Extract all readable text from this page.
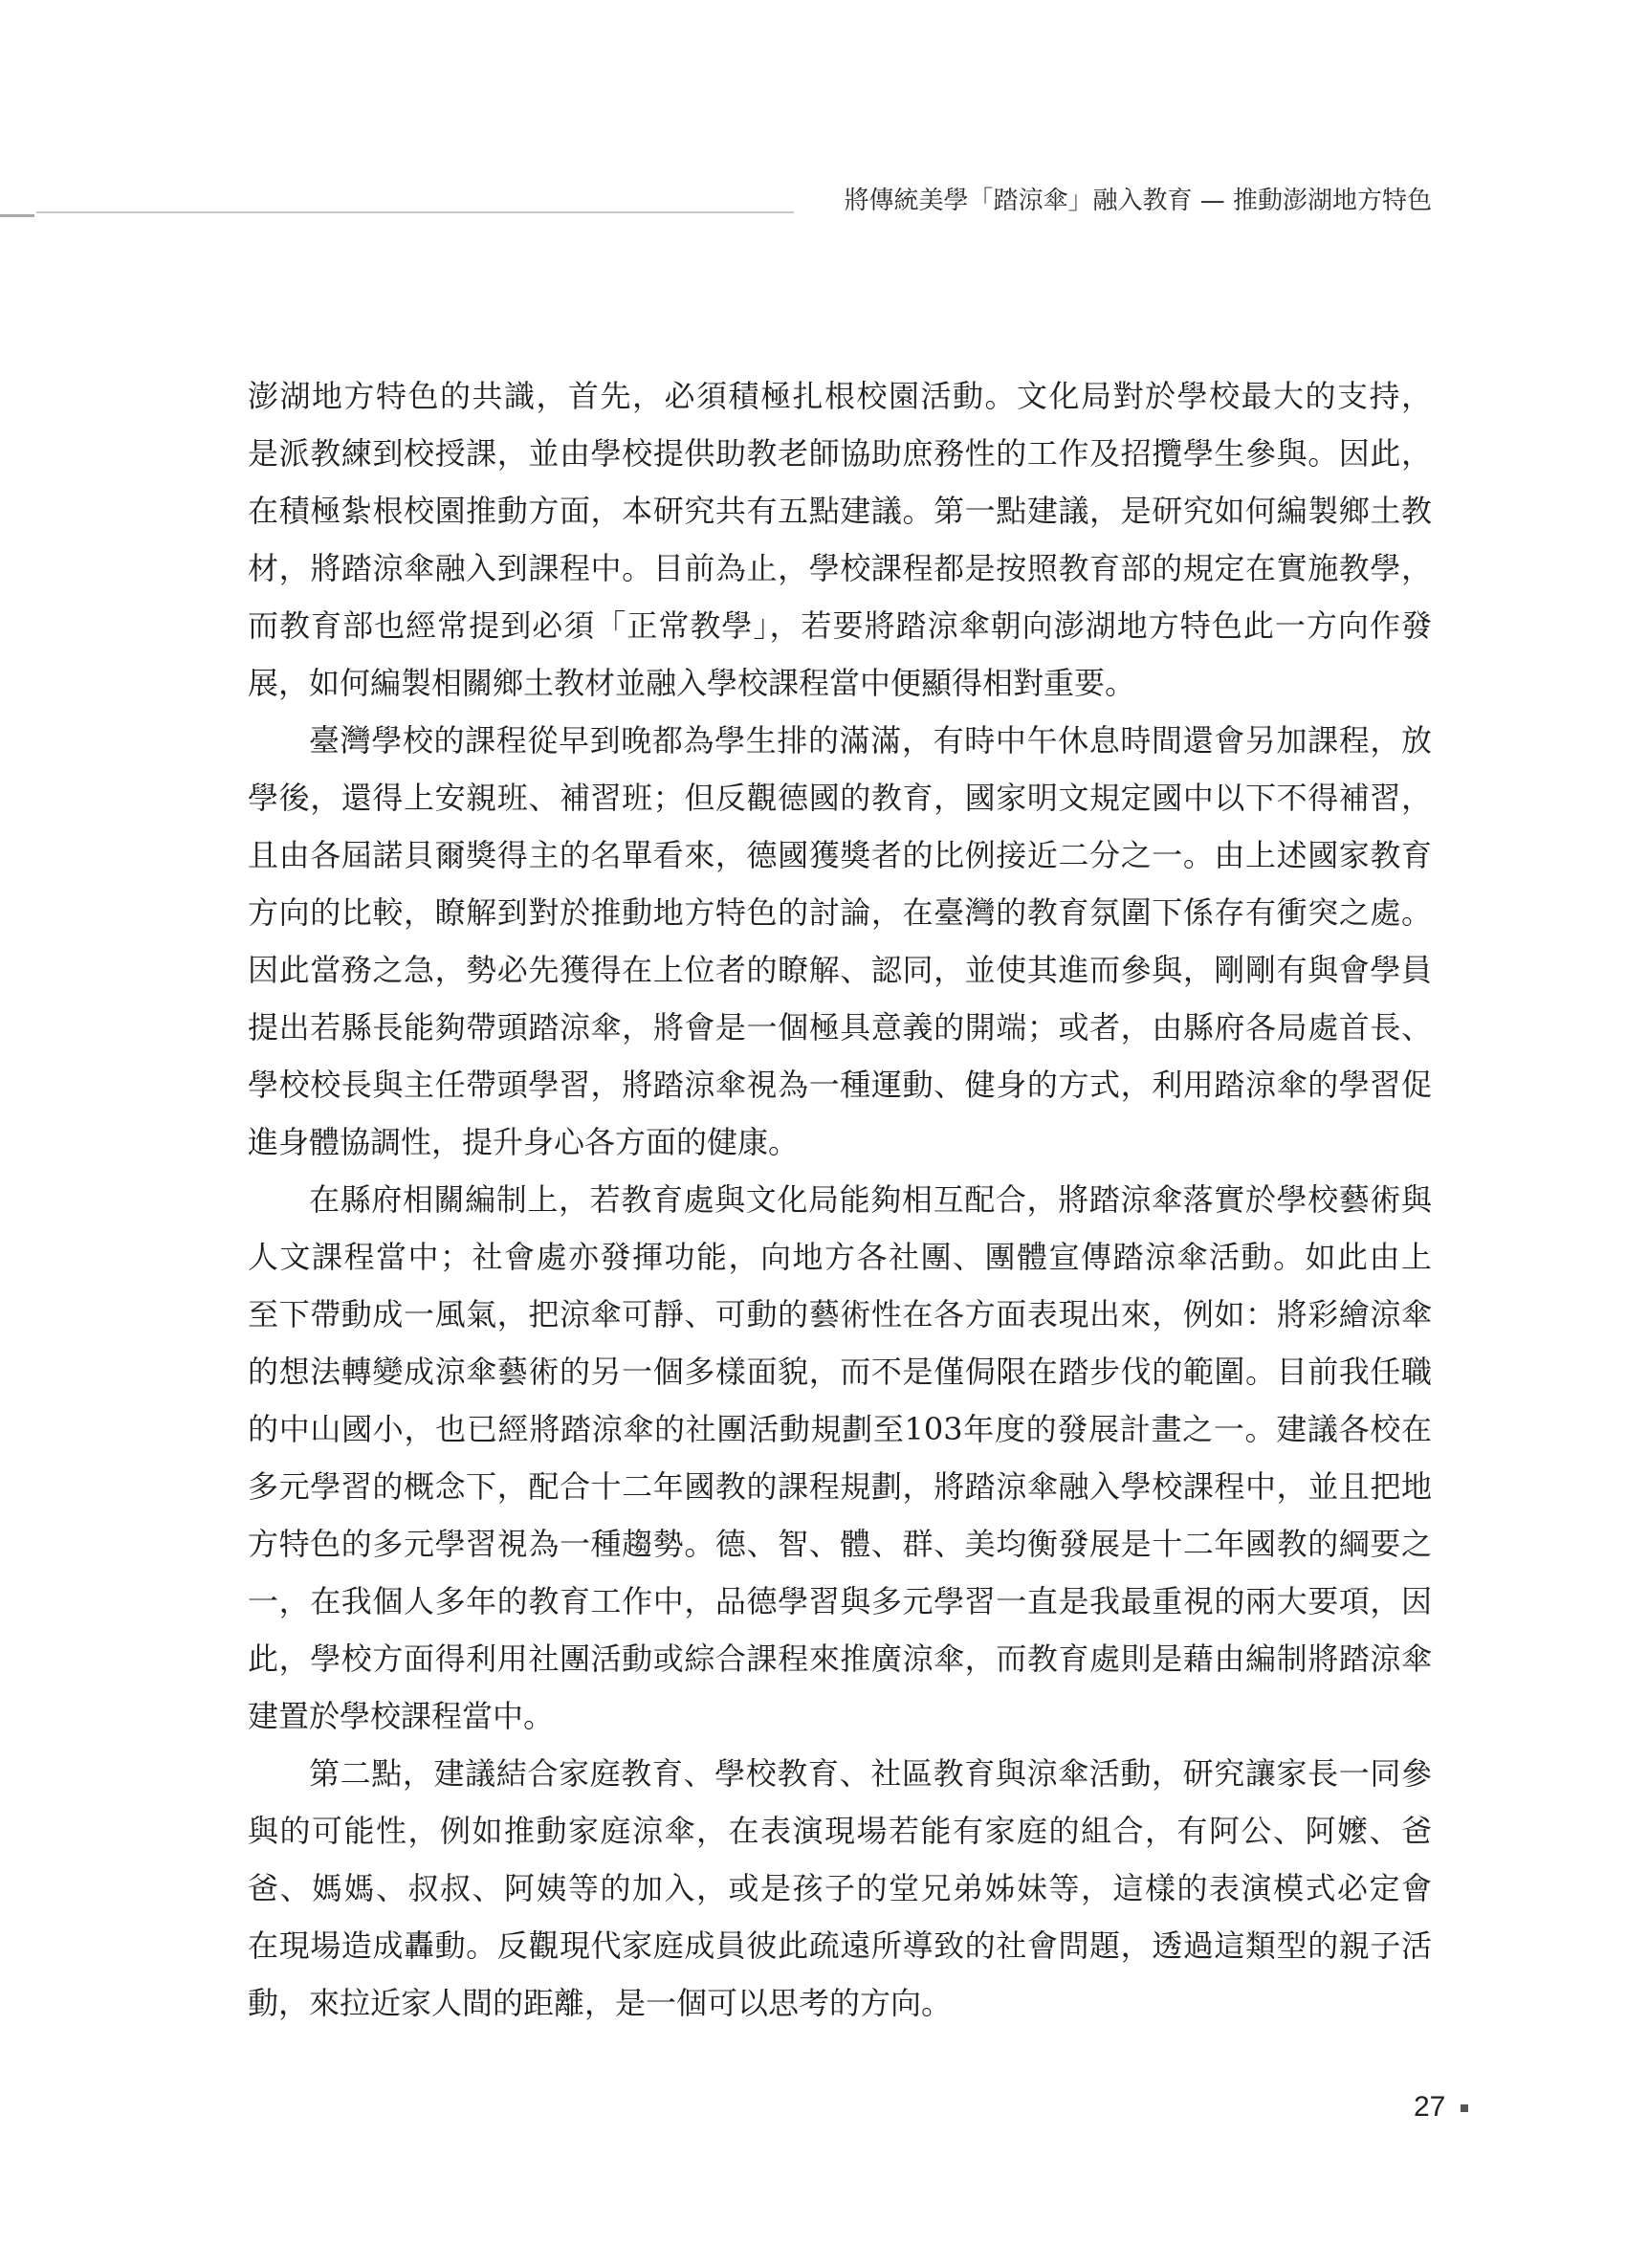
將傳統美學「踏涼傘」融入教育 — 推動澎湖地方特色
澎湖地方特色的共識，首先，必須積極扎根校園活動。文化局對於學校最大的支持，
是派教練到校授課，並由學校提供助教老師協助庶務性的工作及招攬學生參與。因此，
在積極紮根校園推動方面，本研究共有五點建議。第一點建議，是研究如何編製鄉土教
材，將踏涼傘融入到課程中。目前為止，學校課程都是按照教育部的規定在實施教學，
而教育部也經常提到必須「正常教學」，若要將踏涼傘朝向澎湖地方特色此一方向作發
展，如何編製相關鄉土教材並融入學校課程當中便顯得相對重要。
臺灣學校的課程從早到晚都為學生排的滿滿，有時中午休息時間還會另加課程，放
學後，還得上安親班、補習班；但反觀德國的教育，國家明文規定國中以下不得補習，
且由各屆諾貝爾獎得主的名單看來，德國獲獎者的比例接近二分之一。由上述國家教育
方向的比較，瞭解到對於推動地方特色的討論，在臺灣的教育氛圍下係存有衝突之處。
因此當務之急，勢必先獲得在上位者的瞭解、認同，並使其進而參與，剛剛有與會學員
提出若縣長能夠帶頭踏涼傘，將會是一個極具意義的開端；或者，由縣府各局處首長、
學校校長與主任帶頭學習，將踏涼傘視為一種運動、健身的方式，利用踏涼傘的學習促
進身體協調性，提升身心各方面的健康。
在縣府相關編制上，若教育處與文化局能夠相互配合，將踏涼傘落實於學校藝術與
人文課程當中；社會處亦發揮功能，向地方各社團、團體宣傳踏涼傘活動。如此由上
至下帶動成一風氣，把涼傘可靜、可動的藝術性在各方面表現出來，例如：將彩繪涼傘
的想法轉變成涼傘藝術的另一個多樣面貌，而不是僅侷限在踏步伐的範圍。目前我任職
的中山國小，也已經將踏涼傘的社團活動規劃至103年度的發展計畫之一。建議各校在
多元學習的概念下，配合十二年國教的課程規劃，將踏涼傘融入學校課程中，並且把地
方特色的多元學習視為一種趨勢。德、智、體、群、美均衡發展是十二年國教的綱要之
一，在我個人多年的教育工作中，品德學習與多元學習一直是我最重視的兩大要項，因
此，學校方面得利用社團活動或綜合課程來推廣涼傘，而教育處則是藉由編制將踏涼傘
建置於學校課程當中。
第二點，建議結合家庭教育、學校教育、社區教育與涼傘活動，研究讓家長一同參
與的可能性，例如推動家庭涼傘，在表演現場若能有家庭的組合，有阿公、阿嬤、爸
爸、媽媽、叔叔、阿姨等的加入，或是孩子的堂兄弟姊妹等，這樣的表演模式必定會
在現場造成轟動。反觀現代家庭成員彼此疏遠所導致的社會問題，透過這類型的親子活
動，來拉近家人間的距離，是一個可以思考的方向。
27
